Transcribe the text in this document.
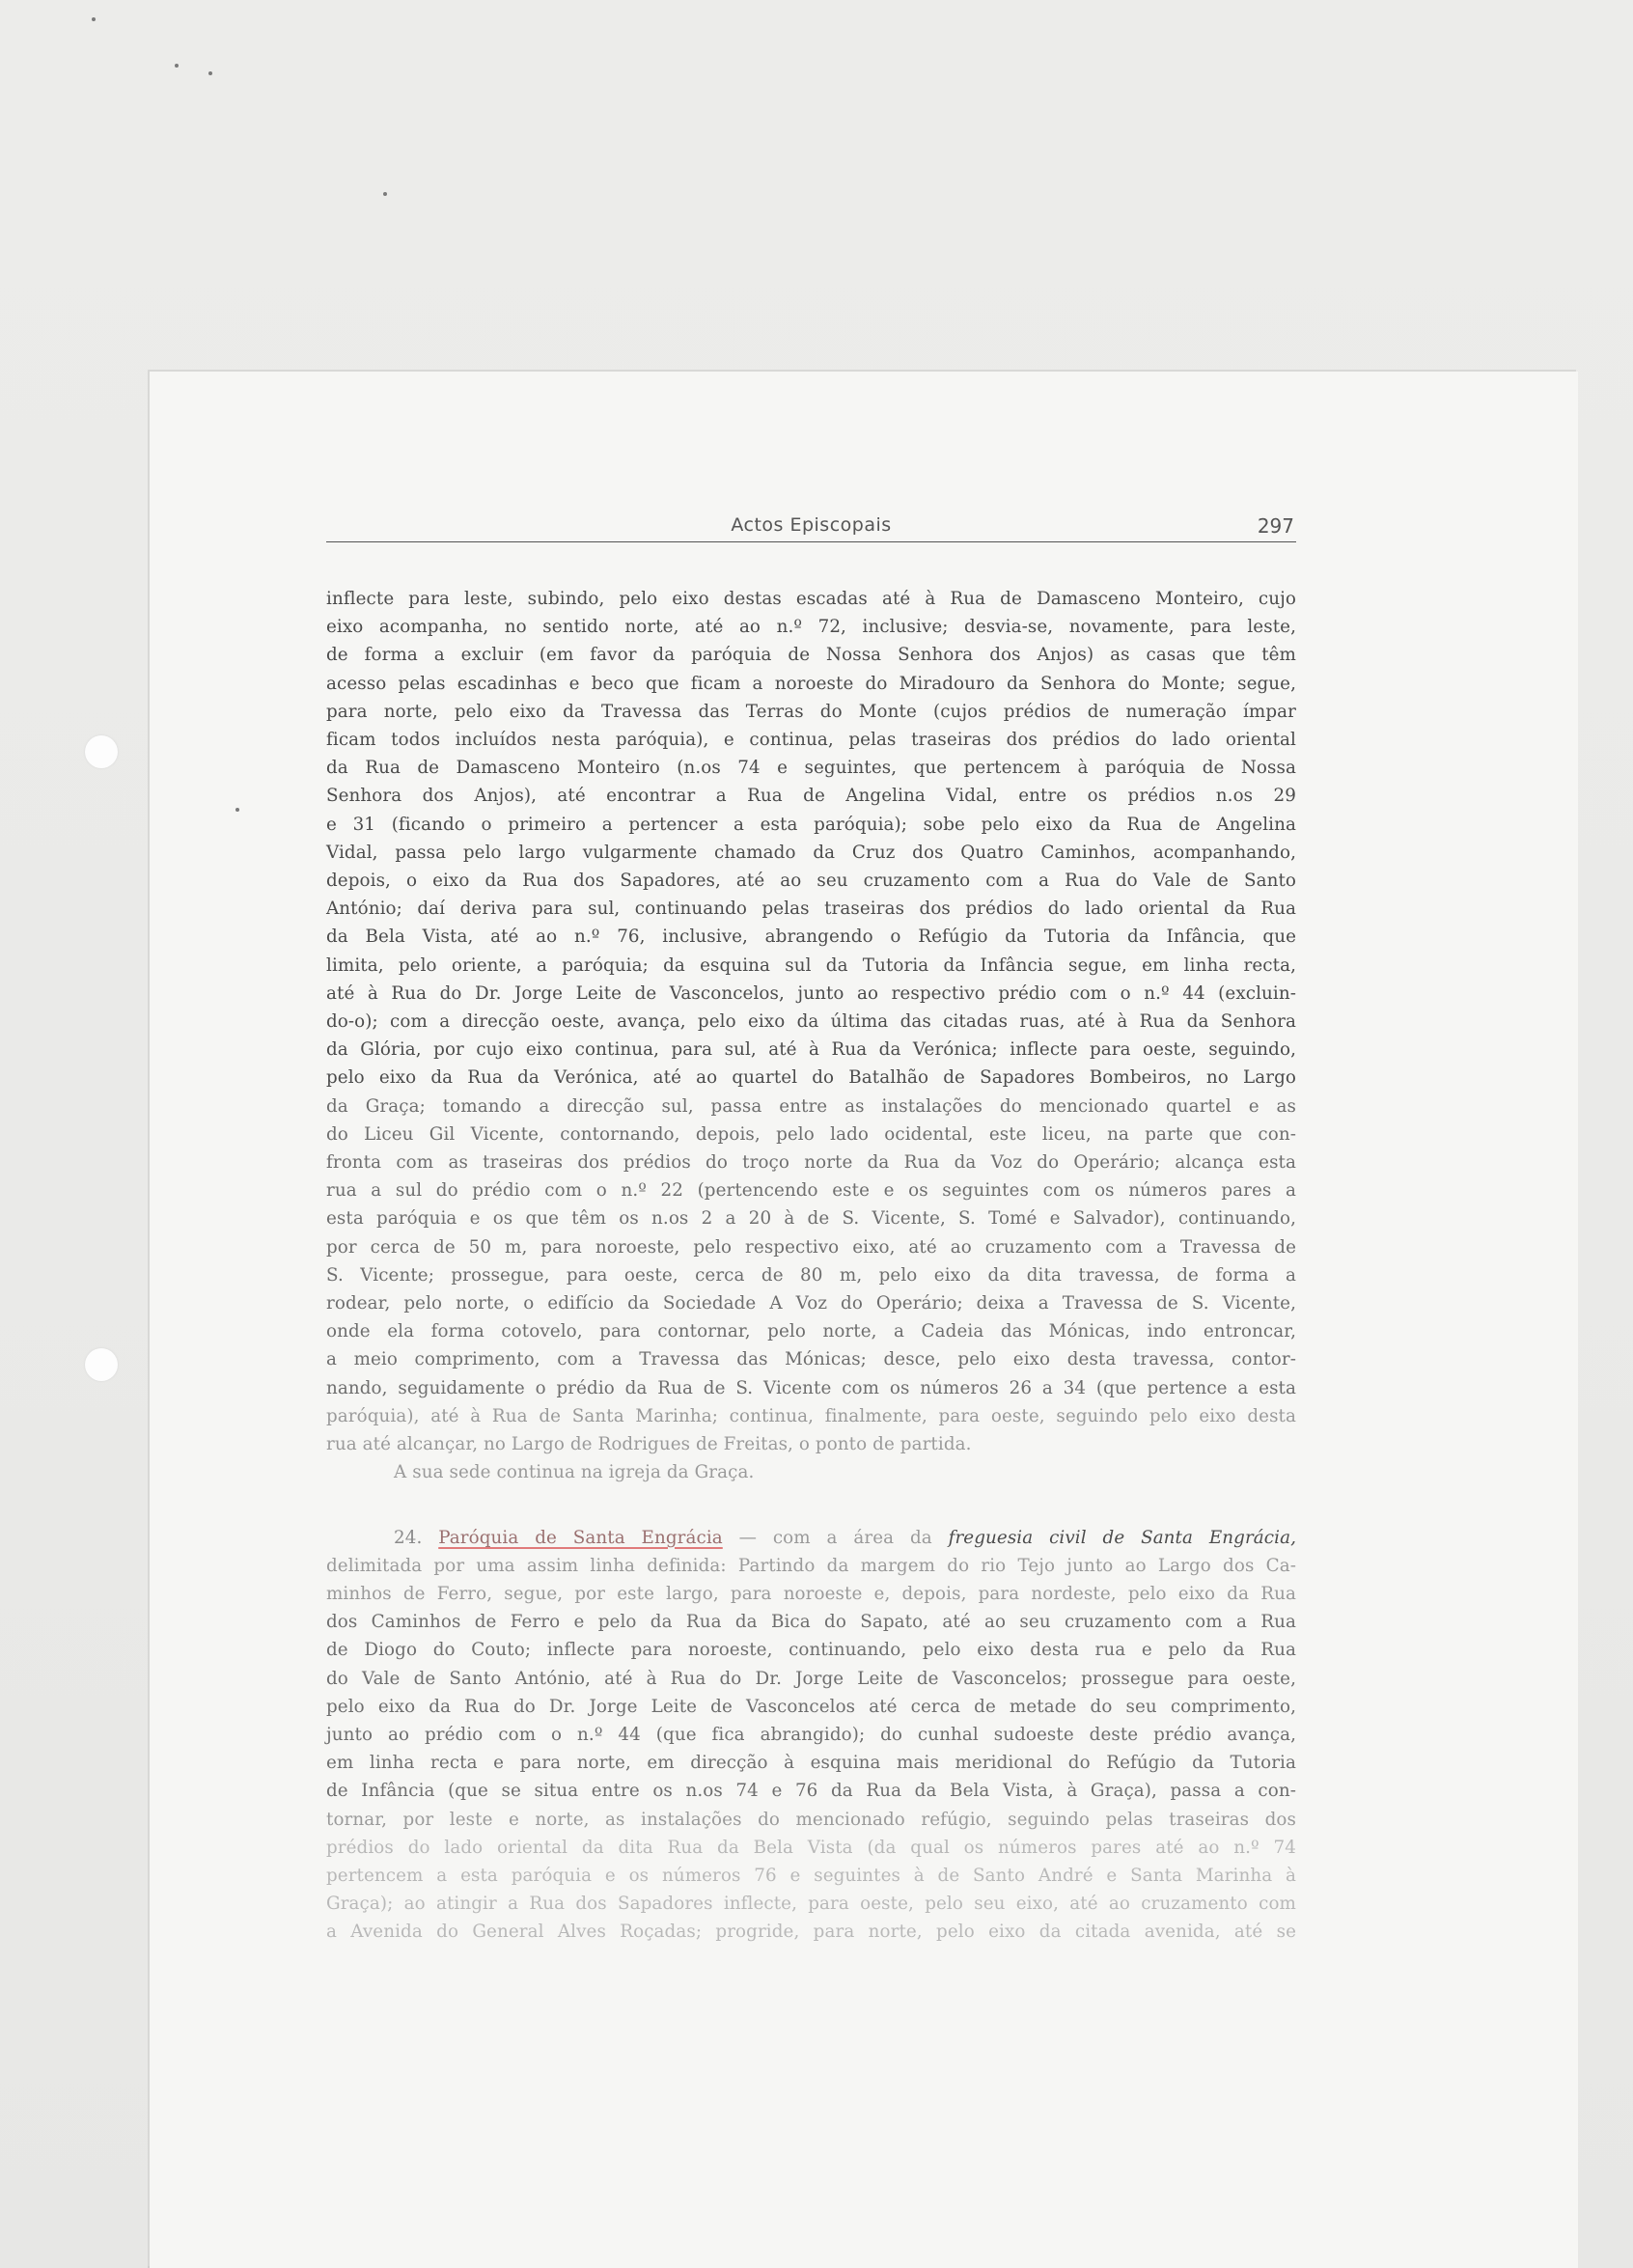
Actos Episcopais	297
inflecte para leste, subindo, pelo eixo destas escadas até à Rua de Damasceno Monteiro, cujo
eixo acompanha, no sentido norte, até ao n.º 72, inclusive; desvia-se, novamente, para leste,
de forma a excluir (em favor da paróquia de Nossa Senhora dos Anjos) as casas que têm
acesso pelas escadinhas e beco que ficam a noroeste do Miradouro da Senhora do Monte; segue,
para norte, pelo eixo da Travessa das Terras do Monte (cujos prédios de numeração ímpar
ficam todos incluídos nesta paróquia), e continua, pelas traseiras dos prédios do lado oriental
da Rua de Damasceno Monteiro (n.os 74 e seguintes, que pertencem à paróquia de Nossa
Senhora dos Anjos), até encontrar a Rua de Angelina Vidal, entre os prédios n.os 29
e 31 (ficando o primeiro a pertencer a esta paróquia); sobe pelo eixo da Rua de Angelina
Vidal, passa pelo largo vulgarmente chamado da Cruz dos Quatro Caminhos, acompanhando,
depois, o eixo da Rua dos Sapadores, até ao seu cruzamento com a Rua do Vale de Santo
António; daí deriva para sul, continuando pelas traseiras dos prédios do lado oriental da Rua
da Bela Vista, até ao n.º 76, inclusive, abrangendo o Refúgio da Tutoria da Infância, que
limita, pelo oriente, a paróquia; da esquina sul da Tutoria da Infância segue, em linha recta,
até à Rua do Dr. Jorge Leite de Vasconcelos, junto ao respectivo prédio com o n.º 44 (excluin-
do-o); com a direcção oeste, avança, pelo eixo da última das citadas ruas, até à Rua da Senhora
da Glória, por cujo eixo continua, para sul, até à Rua da Verónica; inflecte para oeste, seguindo,
pelo eixo da Rua da Verónica, até ao quartel do Batalhão de Sapadores Bombeiros, no Largo
da Graça; tomando a direcção sul, passa entre as instalações do mencionado quartel e as
do Liceu Gil Vicente, contornando, depois, pelo lado ocidental, este liceu, na parte que con-
fronta com as traseiras dos prédios do troço norte da Rua da Voz do Operário; alcança esta
rua a sul do prédio com o n.º 22 (pertencendo este e os seguintes com os números pares a
esta paróquia e os que têm os n.os 2 a 20 à de S. Vicente, S. Tomé e Salvador), continuando,
por cerca de 50 m, para noroeste, pelo respectivo eixo, até ao cruzamento com a Travessa de
S. Vicente; prossegue, para oeste, cerca de 80 m, pelo eixo da dita travessa, de forma a
rodear, pelo norte, o edifício da Sociedade A Voz do Operário; deixa a Travessa de S. Vicente,
onde ela forma cotovelo, para contornar, pelo norte, a Cadeia das Mónicas, indo entroncar,
a meio comprimento, com a Travessa das Mónicas; desce, pelo eixo desta travessa, contor-
nando, seguidamente o prédio da Rua de S. Vicente com os números 26 a 34 (que pertence a esta
paróquia), até à Rua de Santa Marinha; continua, finalmente, para oeste, seguindo pelo eixo desta
rua até alcançar, no Largo de Rodrigues de Freitas, o ponto de partida.
A sua sede continua na igreja da Graça.
24. Paróquia de Santa Engrácia — com a área da freguesia civil de Santa Engrácia,
delimitada por uma assim linha definida: Partindo da margem do rio Tejo junto ao Largo dos Ca-
minhos de Ferro, segue, por este largo, para noroeste e, depois, para nordeste, pelo eixo da Rua
dos Caminhos de Ferro e pelo da Rua da Bica do Sapato, até ao seu cruzamento com a Rua
de Diogo do Couto; inflecte para noroeste, continuando, pelo eixo desta rua e pelo da Rua
do Vale de Santo António, até à Rua do Dr. Jorge Leite de Vasconcelos; prossegue para oeste,
pelo eixo da Rua do Dr. Jorge Leite de Vasconcelos até cerca de metade do seu comprimento,
junto ao prédio com o n.º 44 (que fica abrangido); do cunhal sudoeste deste prédio avança,
em linha recta e para norte, em direcção à esquina mais meridional do Refúgio da Tutoria
de Infância (que se situa entre os n.os 74 e 76 da Rua da Bela Vista, à Graça), passa a con-
tornar, por leste e norte, as instalações do mencionado refúgio, seguindo pelas traseiras dos
prédios do lado oriental da dita Rua da Bela Vista (da qual os números pares até ao n.º 74
pertencem a esta paróquia e os números 76 e seguintes à de Santo André e Santa Marinha à
Graça); ao atingir a Rua dos Sapadores inflecte, para oeste, pelo seu eixo, até ao cruzamento com
a Avenida do General Alves Roçadas; progride, para norte, pelo eixo da citada avenida, até se
